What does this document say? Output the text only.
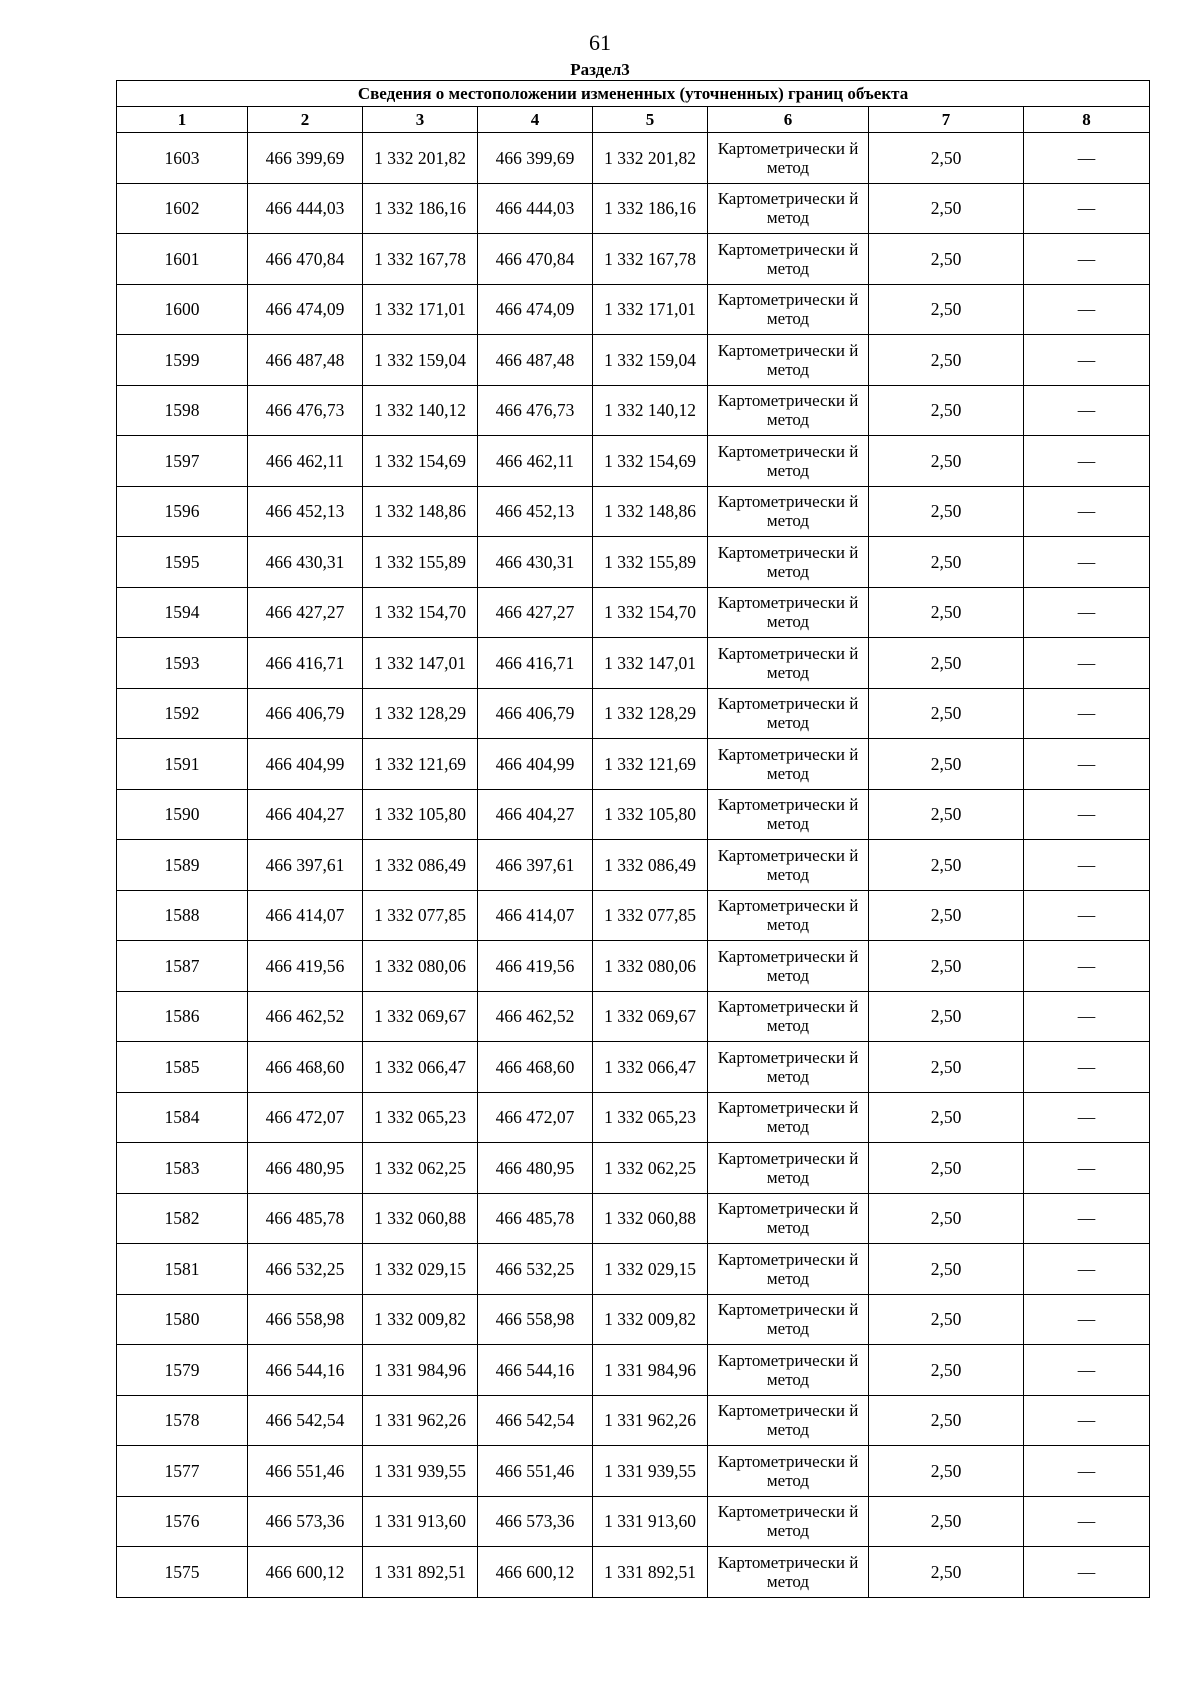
61
Раздел3
Сведения о местоположении измененных (уточненных) границ объекта							
1	2	3	4	5	6	7	8
1603	466 399,69	1 332 201,82	466 399,69	1 332 201,82	Картометрически й метод	2,50	—
1602	466 444,03	1 332 186,16	466 444,03	1 332 186,16	Картометрически й метод	2,50	—
1601	466 470,84	1 332 167,78	466 470,84	1 332 167,78	Картометрически й метод	2,50	—
1600	466 474,09	1 332 171,01	466 474,09	1 332 171,01	Картометрически й метод	2,50	—
1599	466 487,48	1 332 159,04	466 487,48	1 332 159,04	Картометрически й метод	2,50	—
1598	466 476,73	1 332 140,12	466 476,73	1 332 140,12	Картометрически й метод	2,50	—
1597	466 462,11	1 332 154,69	466 462,11	1 332 154,69	Картометрически й метод	2,50	—
1596	466 452,13	1 332 148,86	466 452,13	1 332 148,86	Картометрически й метод	2,50	—
1595	466 430,31	1 332 155,89	466 430,31	1 332 155,89	Картометрически й метод	2,50	—
1594	466 427,27	1 332 154,70	466 427,27	1 332 154,70	Картометрически й метод	2,50	—
1593	466 416,71	1 332 147,01	466 416,71	1 332 147,01	Картометрически й метод	2,50	—
1592	466 406,79	1 332 128,29	466 406,79	1 332 128,29	Картометрически й метод	2,50	—
1591	466 404,99	1 332 121,69	466 404,99	1 332 121,69	Картометрически й метод	2,50	—
1590	466 404,27	1 332 105,80	466 404,27	1 332 105,80	Картометрически й метод	2,50	—
1589	466 397,61	1 332 086,49	466 397,61	1 332 086,49	Картометрически й метод	2,50	—
1588	466 414,07	1 332 077,85	466 414,07	1 332 077,85	Картометрически й метод	2,50	—
1587	466 419,56	1 332 080,06	466 419,56	1 332 080,06	Картометрически й метод	2,50	—
1586	466 462,52	1 332 069,67	466 462,52	1 332 069,67	Картометрически й метод	2,50	—
1585	466 468,60	1 332 066,47	466 468,60	1 332 066,47	Картометрически й метод	2,50	—
1584	466 472,07	1 332 065,23	466 472,07	1 332 065,23	Картометрически й метод	2,50	—
1583	466 480,95	1 332 062,25	466 480,95	1 332 062,25	Картометрически й метод	2,50	—
1582	466 485,78	1 332 060,88	466 485,78	1 332 060,88	Картометрически й метод	2,50	—
1581	466 532,25	1 332 029,15	466 532,25	1 332 029,15	Картометрически й метод	2,50	—
1580	466 558,98	1 332 009,82	466 558,98	1 332 009,82	Картометрически й метод	2,50	—
1579	466 544,16	1 331 984,96	466 544,16	1 331 984,96	Картометрически й метод	2,50	—
1578	466 542,54	1 331 962,26	466 542,54	1 331 962,26	Картометрически й метод	2,50	—
1577	466 551,46	1 331 939,55	466 551,46	1 331 939,55	Картометрически й метод	2,50	—
1576	466 573,36	1 331 913,60	466 573,36	1 331 913,60	Картометрически й метод	2,50	—
1575	466 600,12	1 331 892,51	466 600,12	1 331 892,51	Картометрически й метод	2,50	—
